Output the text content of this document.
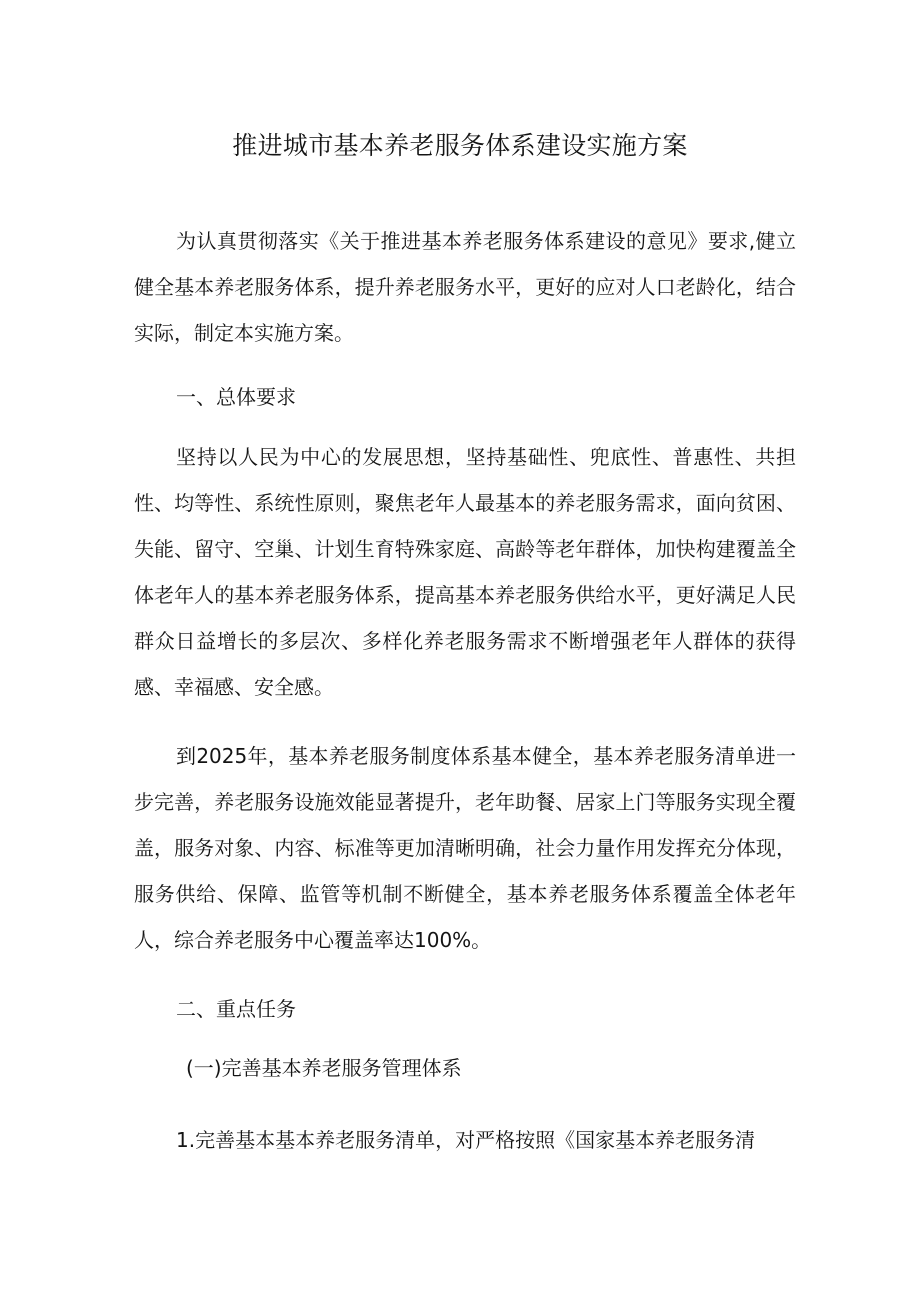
推进城市基本养老服务体系建设实施方案

为认真贯彻落实《关于推进基本养老服务体系建设的意见》要求,健立健全基本养老服务体系，提升养老服务水平，更好的应对人口老龄化，结合实际，制定本实施方案。

一、总体要求

坚持以人民为中心的发展思想，坚持基础性、兜底性、普惠性、共担性、均等性、系统性原则，聚焦老年人最基本的养老服务需求，面向贫困、失能、留守、空巢、计划生育特殊家庭、高龄等老年群体，加快构建覆盖全体老年人的基本养老服务体系，提高基本养老服务供给水平，更好满足人民群众日益增长的多层次、多样化养老服务需求不断增强老年人群体的获得感、幸福感、安全感。

到2025年，基本养老服务制度体系基本健全，基本养老服务清单进一步完善，养老服务设施效能显著提升，老年助餐、居家上门等服务实现全覆盖，服务对象、内容、标准等更加清晰明确，社会力量作用发挥充分体现，服务供给、保障、监管等机制不断健全，基本养老服务体系覆盖全体老年人，综合养老服务中心覆盖率达100%。

二、重点任务
(一)完善基本养老服务管理体系

1.完善基本基本养老服务清单，对严格按照《国家基本养老服务清
